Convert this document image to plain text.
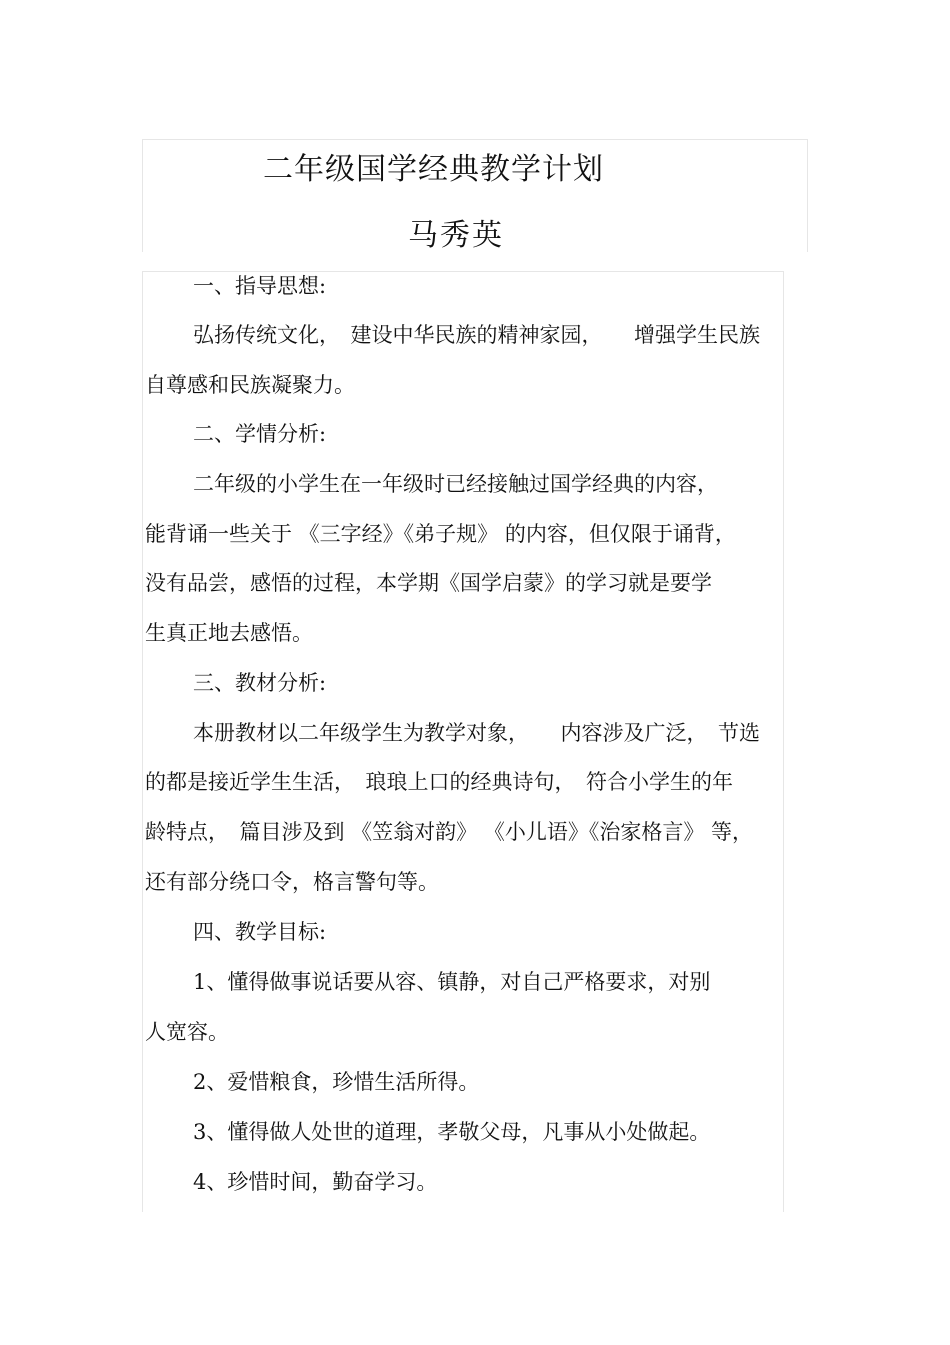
二年级国学经典教学计划
马秀英

一、指导思想:

弘扬传统文化，　建设中华民族的精神家园，　　增强学生民族

自尊感和民族凝聚力。

二、学情分析:

二年级的小学生在一年级时已经接触过国学经典的内容，

能背诵一些关于 《三字经》《弟子规》 的内容，但仅限于诵背，

没有品尝，感悟的过程，本学期《国学启蒙》的学习就是要学

生真正地去感悟。

三、教材分析:

本册教材以二年级学生为教学对象，　　内容涉及广泛，　节选

的都是接近学生生活，　琅琅上口的经典诗句，　符合小学生的年

龄特点，　篇目涉及到 《笠翁对韵》 《小儿语》《治家格言》 等，

还有部分绕口令，格言警句等。

四、教学目标:

1、懂得做事说话要从容、镇静，对自己严格要求，对别

人宽容。

2、爱惜粮食，珍惜生活所得。

3、懂得做人处世的道理，孝敬父母，凡事从小处做起。

4、珍惜时间，勤奋学习。
